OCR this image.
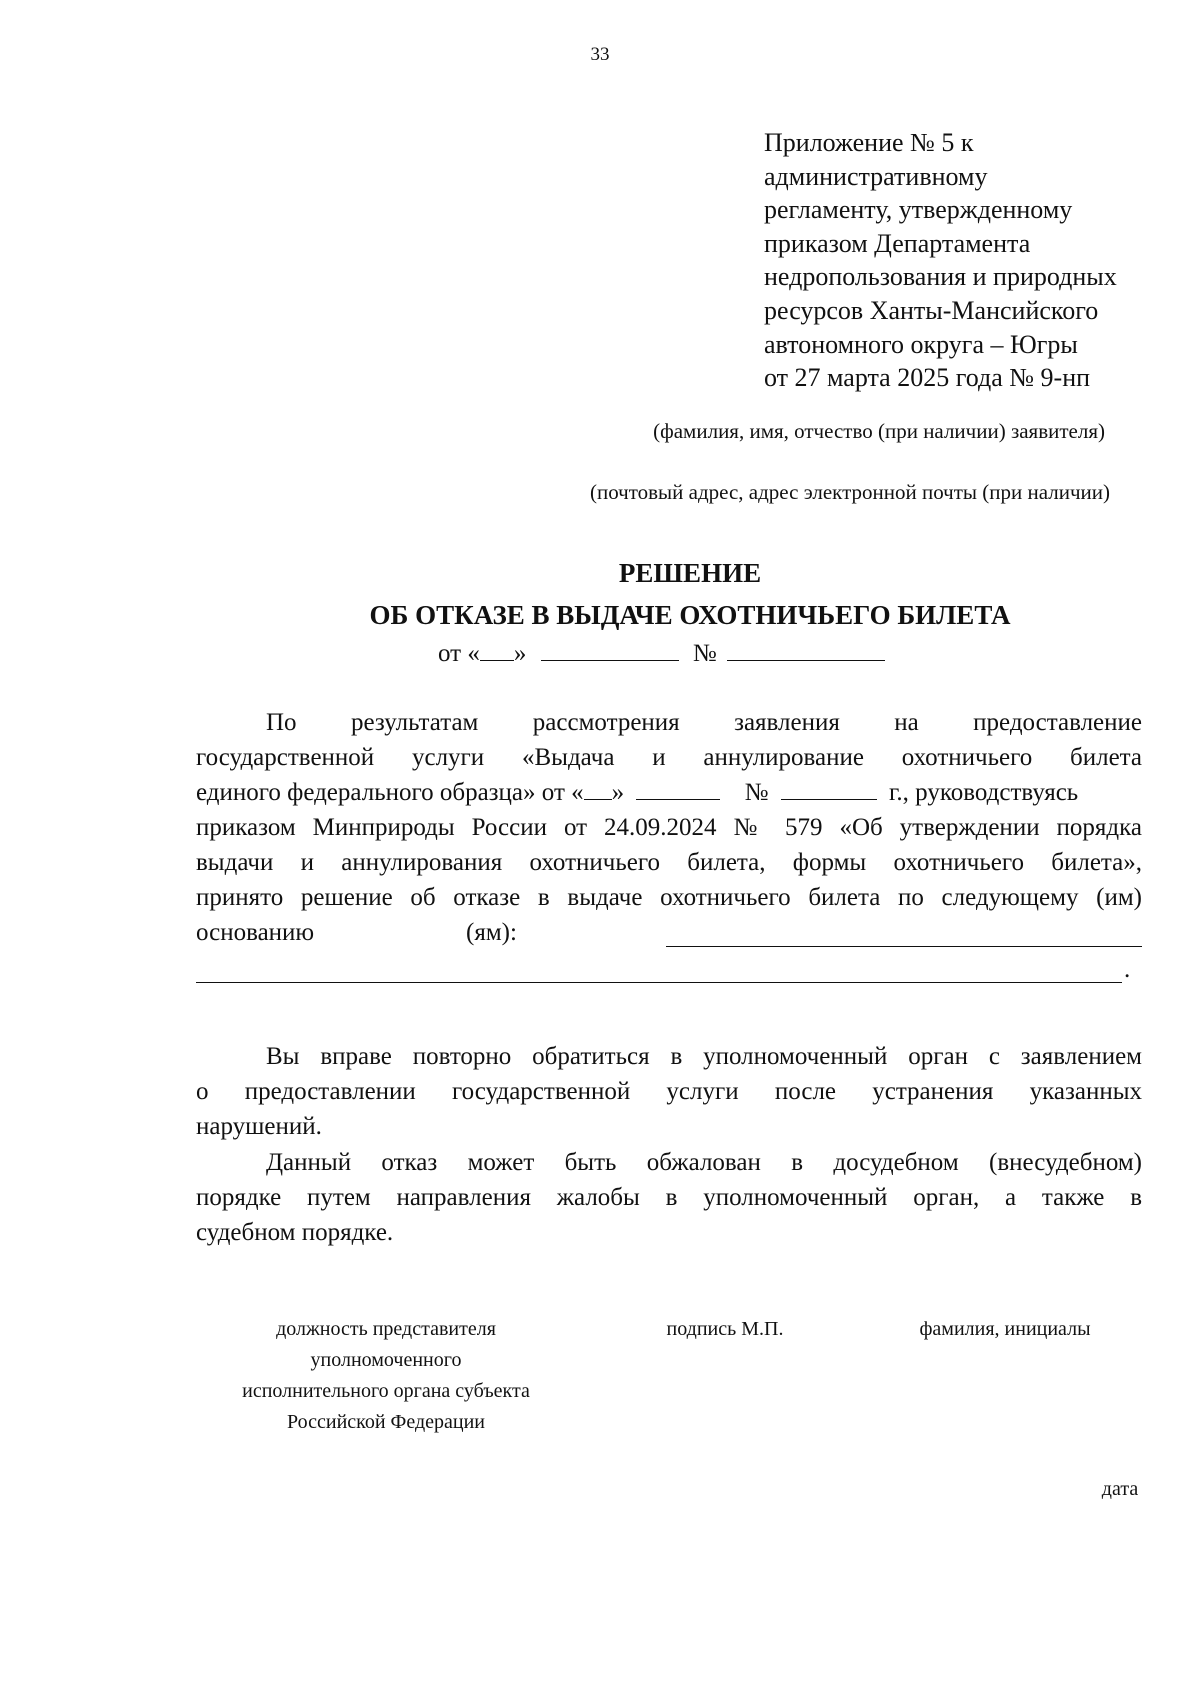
33
Приложение № 5 к
административному
регламенту, утвержденному
приказом Департамента
недропользования и природных
ресурсов Ханты-Мансийского
автономного округа – Югры
от 27 марта 2025 года № 9-нп
(фамилия, имя, отчество (при наличии) заявителя)
(почтовый адрес, адрес электронной почты (при наличии)
РЕШЕНИЕ
ОБ ОТКАЗЕ В ВЫДАЧЕ ОХОТНИЧЬЕГО БИЛЕТА
от « »	№
По результатам рассмотрения заявления на предоставление
государственной услуги «Выдача и аннулирование охотничьего билета
единого федерального образца» от « »	№	г., руководствуясь
приказом Минприроды России от 24.09.2024 № 579 «Об утверждении порядка
выдачи и аннулирования охотничьего билета, формы охотничьего билета»,
принято решение об отказе в выдаче охотничьего билета по следующему (им)
основанию	(ям):
.
Вы вправе повторно обратиться в уполномоченный орган с заявлением
о предоставлении государственной услуги после устранения указанных
нарушений.
Данный отказ может быть обжалован в досудебном (внесудебном)
порядке путем направления жалобы в уполномоченный орган, а также в
судебном порядке.
должность представителя
уполномоченного
исполнительного органа субъекта
Российской Федерации
подпись М.П.	фамилия, инициалы
дата
